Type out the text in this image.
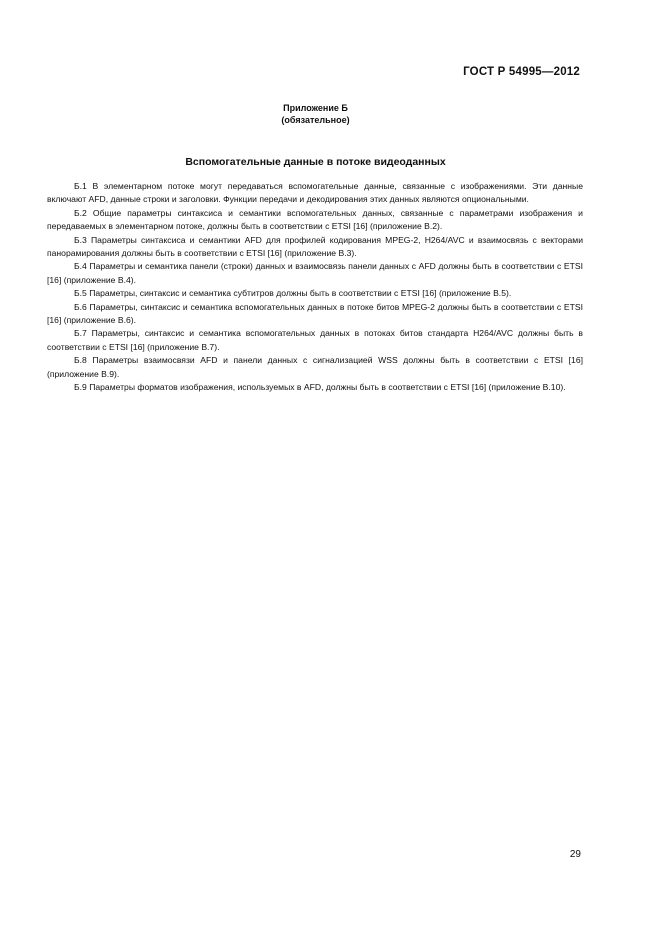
ГОСТ Р 54995—2012
Приложение Б
(обязательное)
Вспомогательные данные в потоке видеоданных

Б.1 В элементарном потоке могут передаваться вспомогательные данные, связанные с изображениями. Эти данные включают AFD, данные строки и заголовки. Функции передачи и декодирования этих данных являются опциональными.

Б.2 Общие параметры синтаксиса и семантики вспомогательных данных, связанные с параметрами изображения и передаваемых в элементарном потоке, должны быть в соответствии с ETSI [16] (приложение В.2).

Б.3 Параметры синтаксиса и семантики AFD для профилей кодирования MPEG-2, H264/AVC и взаимосвязь с векторами панорамирования должны быть в соответствии с ETSI [16] (приложение В.3).

Б.4 Параметры и семантика панели (строки) данных и взаимосвязь панели данных с AFD должны быть в соответствии с ETSI [16] (приложение В.4).

Б.5 Параметры, синтаксис и семантика субтитров должны быть в соответствии с ETSI [16] (приложение В.5).

Б.6 Параметры, синтаксис и семантика вспомогательных данных в потоке битов MPEG-2 должны быть в соответствии с ETSI [16] (приложение В.6).

Б.7 Параметры, синтаксис и семантика вспомогательных данных в потоках битов стандарта H264/AVC должны быть в соответствии с ETSI [16] (приложение В.7).

Б.8 Параметры взаимосвязи AFD и панели данных с сигнализацией WSS должны быть в соответствии с ETSI [16] (приложение В.9).

Б.9 Параметры форматов изображения, используемых в AFD, должны быть в соответствии с ETSI [16] (приложение В.10).

29
